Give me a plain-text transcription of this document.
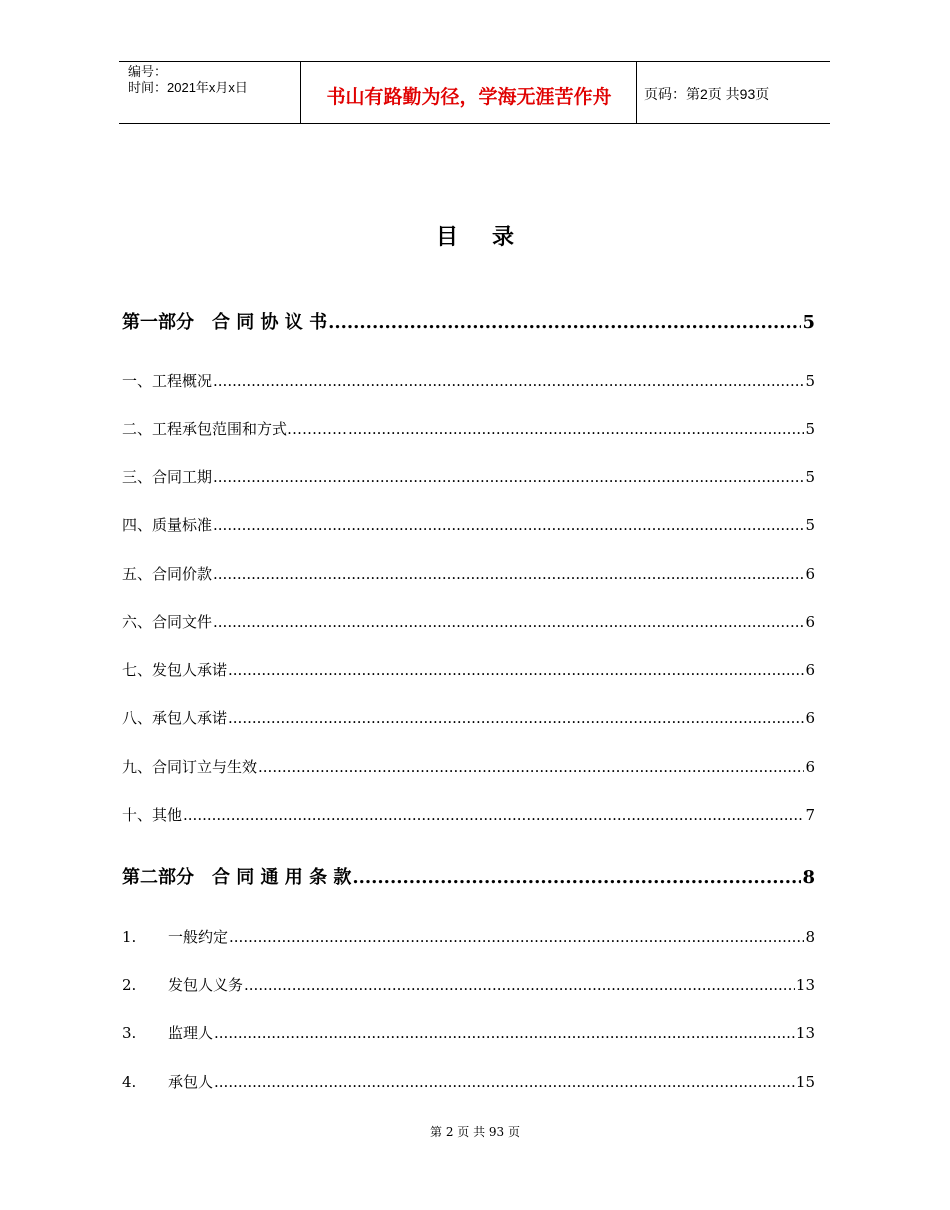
编号：
时间：2021年x月x日	书山有路勤为径，学海无涯苦作舟	页码：第2页 共93页
目 录
第一部分　合 同 协 议 书 .....	5
一、工程概况 .....	5
二、工程承包范围和方式………… .....	5
三、合同工期 .....	5
四、质量标准 .....	5
五、合同价款 .....	6
六、合同文件 .....	6
七、发包人承诺 .....	6
八、承包人承诺 .....	6
九、合同订立与生效 .....	6
十、其他 .....	7
第二部分　合 同 通 用 条 款 .....	8
1. 一般约定 .....	8
2. 发包人义务 .....	13
3. 监理人 .....	13
4. 承包人 .....	15
第 2 页 共 93 页
